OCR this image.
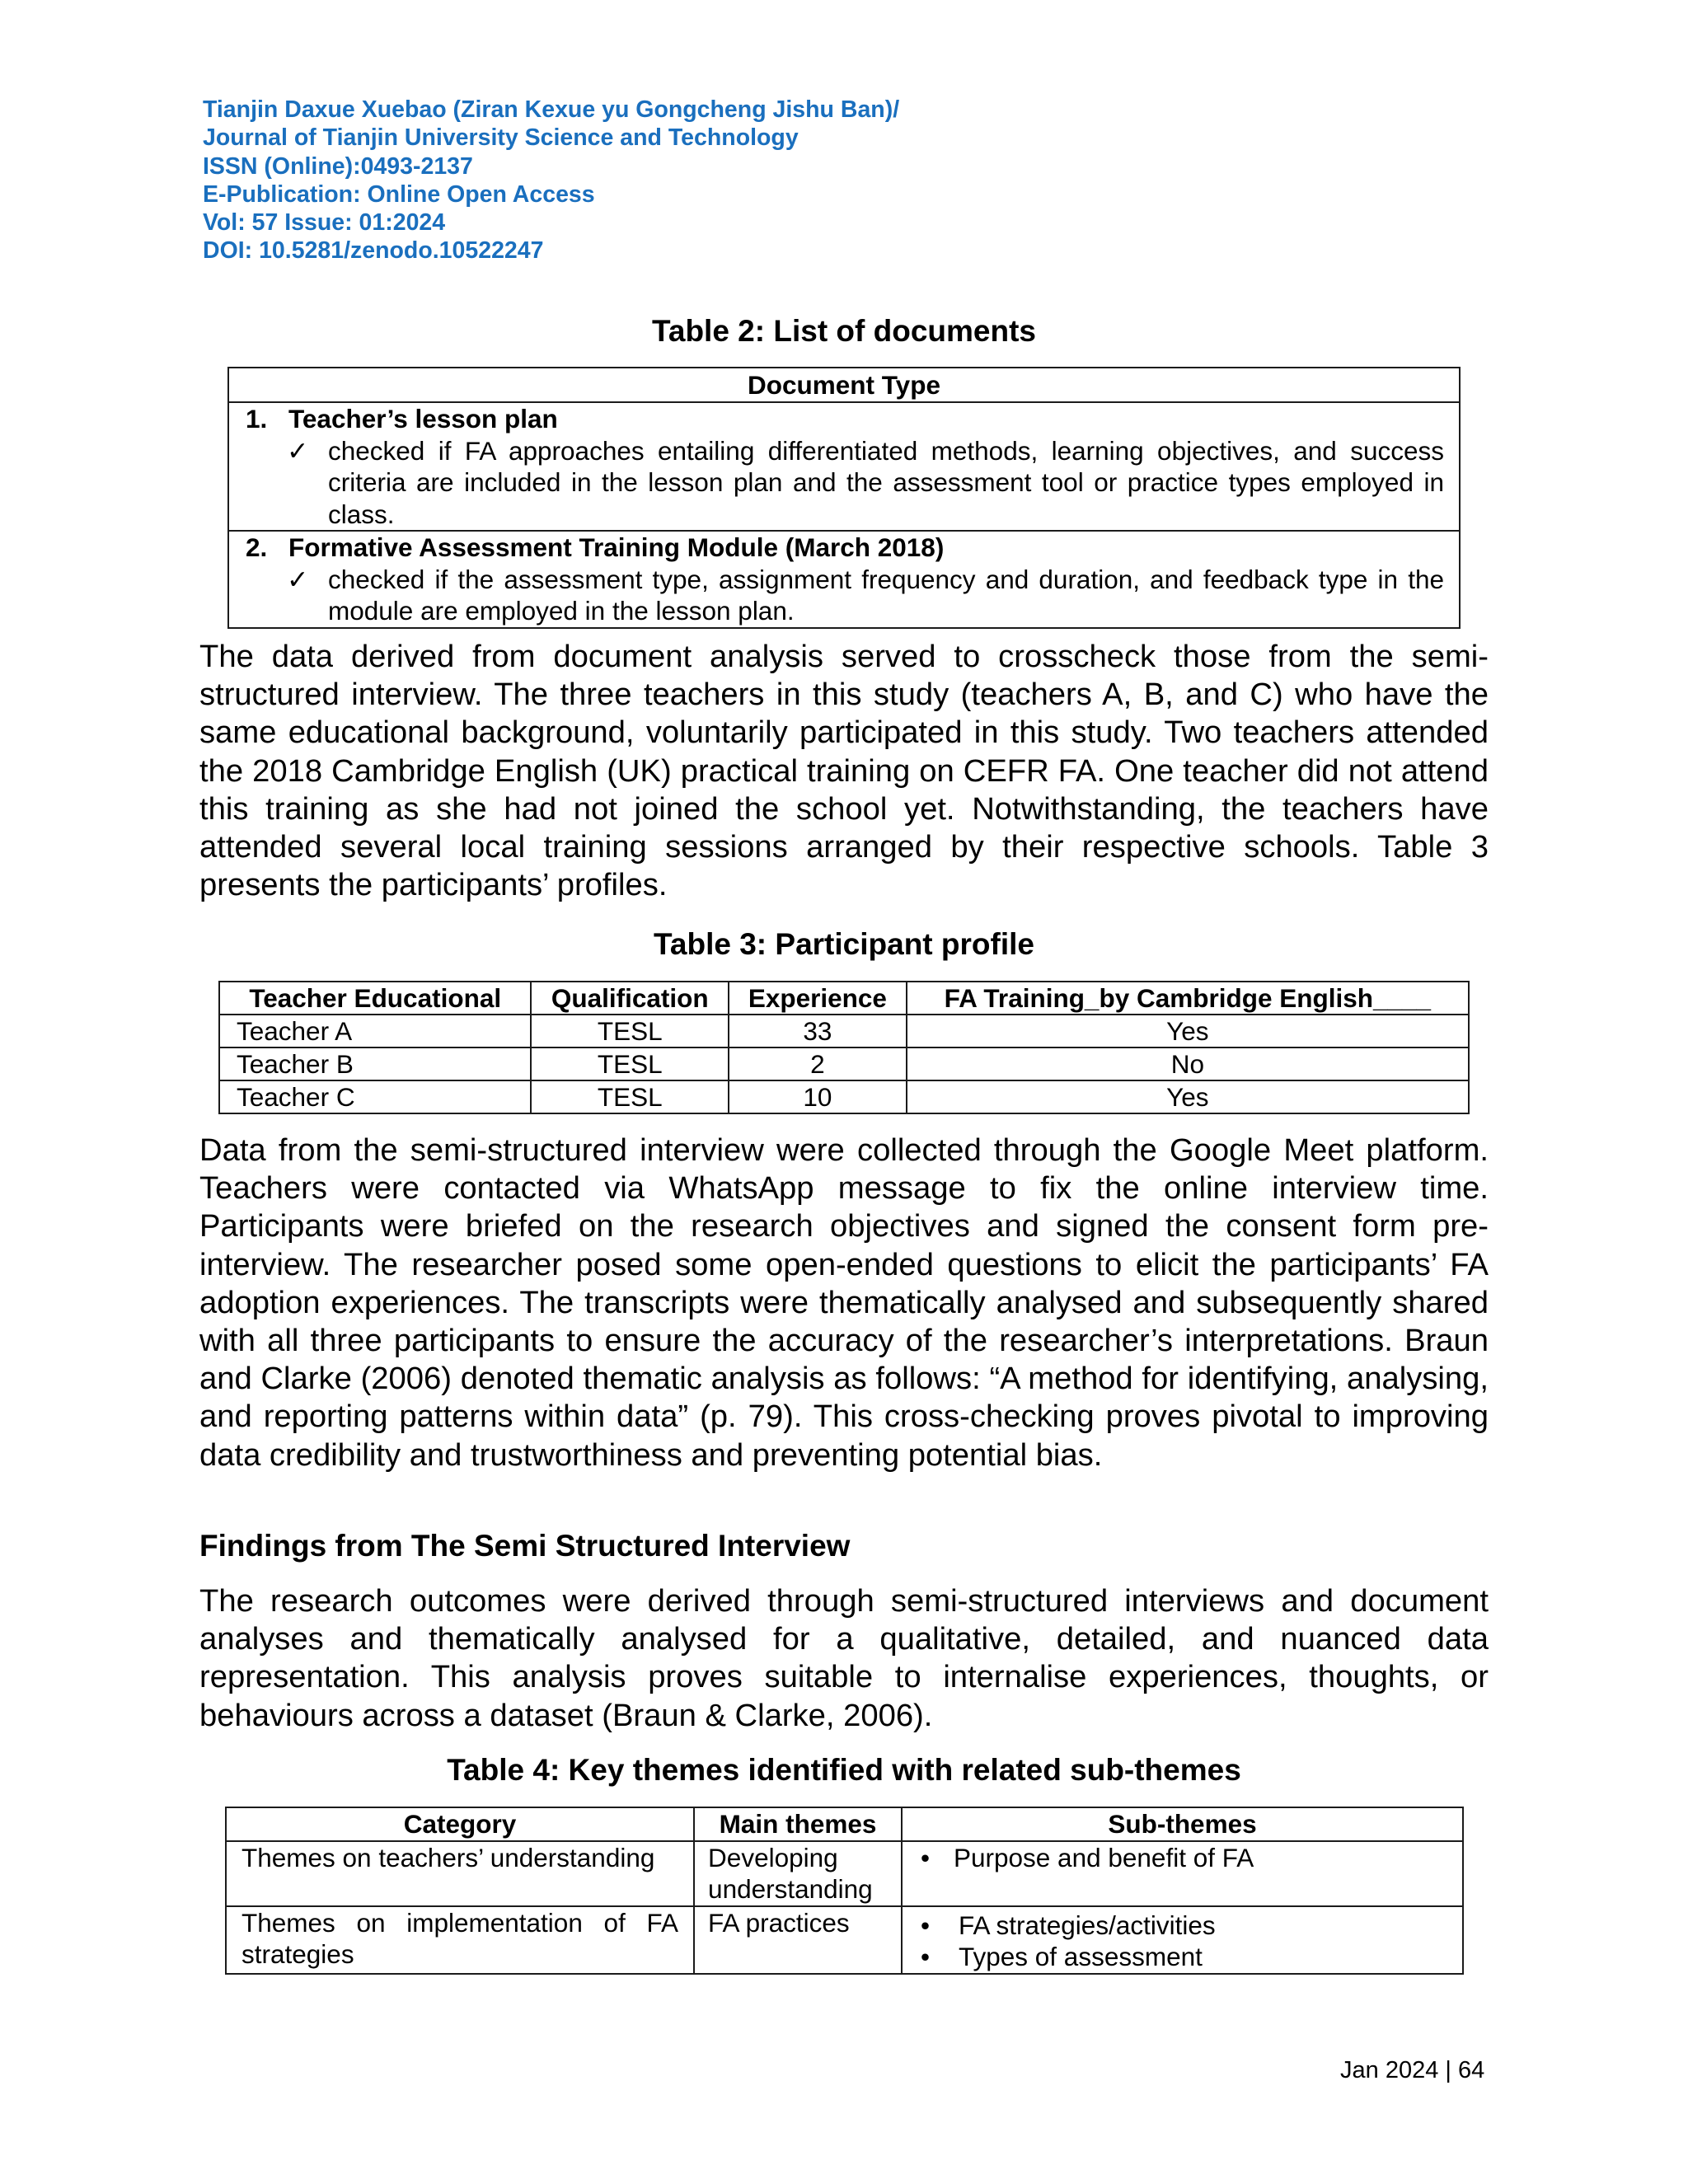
Tianjin Daxue Xuebao (Ziran Kexue yu Gongcheng Jishu Ban)/
Journal of Tianjin University Science and Technology
ISSN (Online):0493-2137
E-Publication: Online Open Access
Vol: 57 Issue: 01:2024
DOI: 10.5281/zenodo.10522247
Table 2: List of documents
Document Type

1. Teacher’s lesson plan
✓ checked if FA approaches entailing differentiated methods, learning objectives, and success criteria are included in the lesson plan and the assessment tool or practice types employed in class.

2. Formative Assessment Training Module (March 2018)
✓ checked if the assessment type, assignment frequency and duration, and feedback type in the module are employed in the lesson plan.
The data derived from document analysis served to crosscheck those from the semi-structured interview. The three teachers in this study (teachers A, B, and C) who have the same educational background, voluntarily participated in this study. Two teachers attended the 2018 Cambridge English (UK) practical training on CEFR FA. One teacher did not attend this training as she had not joined the school yet. Notwithstanding, the teachers have attended several local training sessions arranged by their respective schools. Table 3 presents the participants’ profiles.
Table 3: Participant profile
Teacher Educational	Qualification	Experience	FA Training_by Cambridge English____
Teacher A	TESL	33	Yes
Teacher B	TESL	2	No
Teacher C	TESL	10	Yes
Data from the semi-structured interview were collected through the Google Meet platform. Teachers were contacted via WhatsApp message to fix the online interview time. Participants were briefed on the research objectives and signed the consent form pre-interview. The researcher posed some open-ended questions to elicit the participants’ FA adoption experiences. The transcripts were thematically analysed and subsequently shared with all three participants to ensure the accuracy of the researcher’s interpretations. Braun and Clarke (2006) denoted thematic analysis as follows: “A method for identifying, analysing, and reporting patterns within data” (p. 79). This cross-checking proves pivotal to improving data credibility and trustworthiness and preventing potential bias.
Findings from The Semi Structured Interview
The research outcomes were derived through semi-structured interviews and document analyses and thematically analysed for a qualitative, detailed, and nuanced data representation. This analysis proves suitable to internalise experiences, thoughts, or behaviours across a dataset (Braun & Clarke, 2006).
Table 4: Key themes identified with related sub-themes
Category	Main themes	Sub-themes
Themes on teachers’ understanding	Developing understanding	• Purpose and benefit of FA

Themes on implementation of FA strategies	FA practices	• FA strategies/activities
• Types of assessment
Jan 2024 | 64
